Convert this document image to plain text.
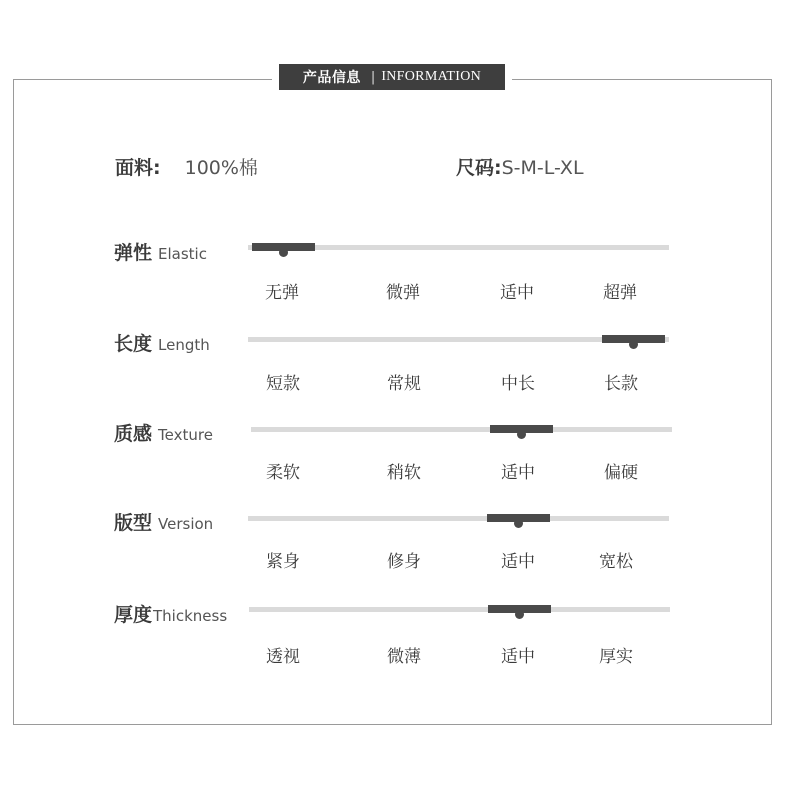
产品信息 | INFORMATION
面料: 100%棉	尺码:S-M-L-XL
弹性 Elastic
无弹	微弹	适中	超弹
长度 Length
短款	常规	中长	长款
质感 Texture
柔软	稍软	适中	偏硬
版型 Version
紧身	修身	适中	宽松
厚度 Thickness
透视	微薄	适中	厚实
